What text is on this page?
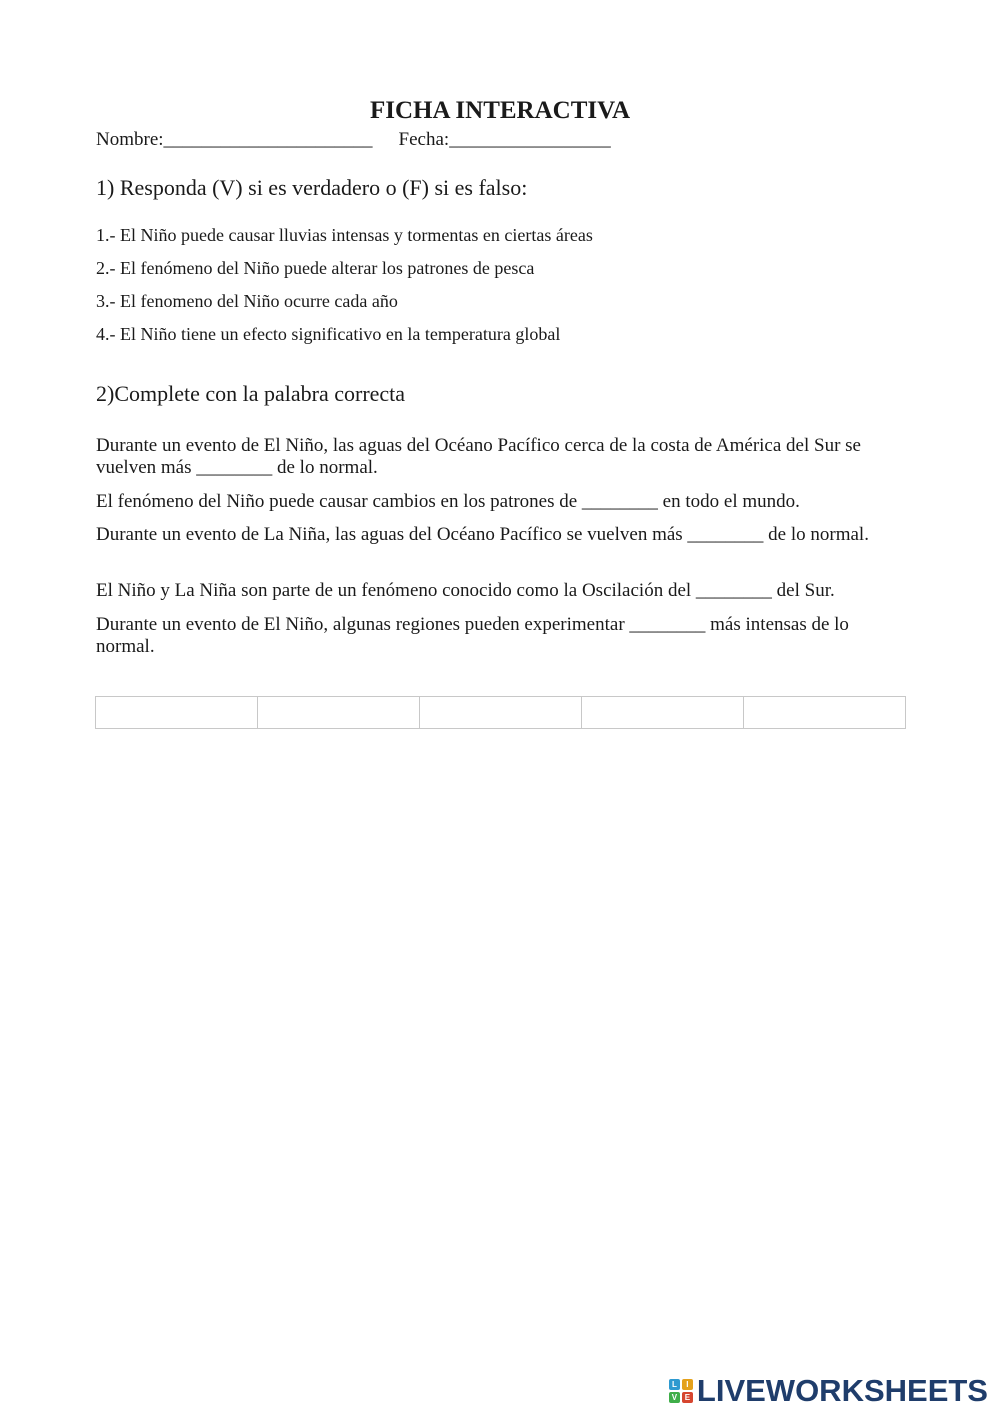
FICHA INTERACTIVA
Nombre:______________________ Fecha:_________________
1) Responda (V) si es verdadero o (F) si es falso:
1.- El Niño puede causar lluvias intensas y tormentas en ciertas áreas
2.- El fenómeno del Niño puede alterar los patrones de pesca
3.- El fenomeno del Niño ocurre cada año
4.- El Niño tiene un efecto significativo en la temperatura global
2)Complete con la palabra correcta
Durante un evento de El Niño, las aguas del Océano Pacífico cerca de la costa de América del Sur se vuelven más ________ de lo normal.
El fenómeno del Niño puede causar cambios en los patrones de ________ en todo el mundo.
Durante un evento de La Niña, las aguas del Océano Pacífico se vuelven más ________ de lo normal.
El Niño y La Niña son parte de un fenómeno conocido como la Oscilación del ________ del Sur.
Durante un evento de El Niño, algunas regiones pueden experimentar ________ más intensas de lo normal.

L	I
V E LIVEWORKSHEETS
